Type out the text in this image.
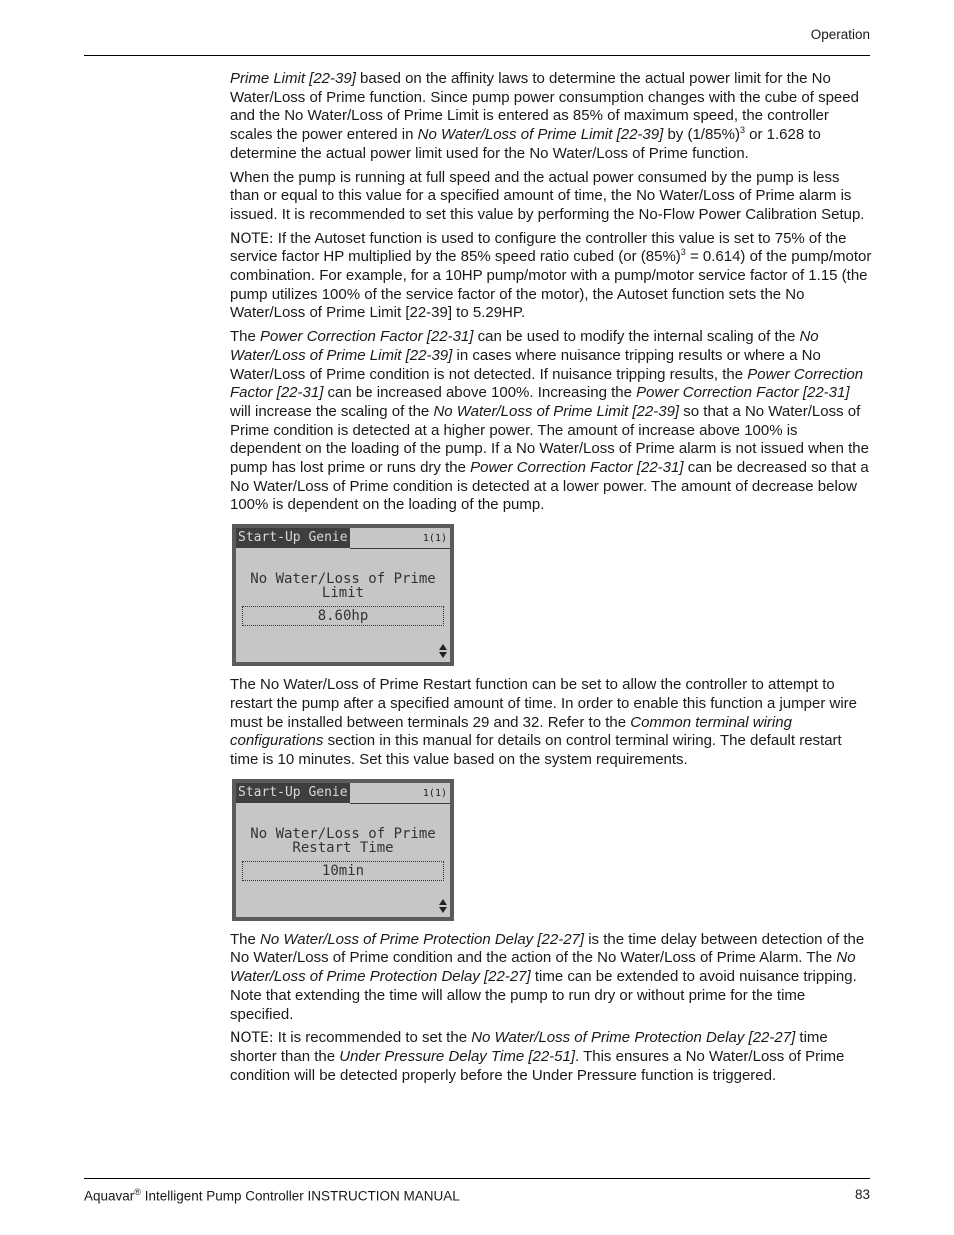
Operation

Prime Limit [22-39] based on the affinity laws to determine the actual power limit for the No Water/Loss of Prime function. Since pump power consumption changes with the cube of speed and the No Water/Loss of Prime Limit is entered as 85% of maximum speed, the controller scales the power entered in No Water/Loss of Prime Limit [22-39] by $(1/85\%)^3$ or 1.628 to determine the actual power limit used for the No Water/Loss of Prime function.

When the pump is running at full speed and the actual power consumed by the pump is less than or equal to this value for a specified amount of time, the No Water/Loss of Prime alarm is issued. It is recommended to set this value by performing the No-Flow Power Calibration Setup.

NOTE: If the Autoset function is used to configure the controller this value is set to 75% of the service factor HP multiplied by the 85% speed ratio cubed (or $(85\%)^3 = 0.614$) of the pump/motor combination. For example, for a 10HP pump/motor with a pump/motor service factor of 1.15 (the pump utilizes 100% of the service factor of the motor), the Autoset function sets the No Water/Loss of Prime Limit [22-39] to 5.29HP.

The Power Correction Factor [22-31] can be used to modify the internal scaling of the No Water/Loss of Prime Limit [22-39] in cases where nuisance tripping results or where a No Water/Loss of Prime condition is not detected. If nuisance tripping results, the Power Correction Factor [22-31] can be increased above 100%. Increasing the Power Correction Factor [22-31] will increase the scaling of the No Water/Loss of Prime Limit [22-39] so that a No Water/Loss of Prime condition is detected at a higher power. The amount of increase above 100% is dependent on the loading of the pump. If a No Water/Loss of Prime alarm is not issued when the pump has lost prime or runs dry the Power Correction Factor [22-31] can be decreased so that a No Water/Loss of Prime condition is detected at a lower power. The amount of decrease below 100% is dependent on the loading of the pump.

Start-Up Genie	1(1)
No Water/Loss of Prime
Limit
8.60hp

The No Water/Loss of Prime Restart function can be set to allow the controller to attempt to restart the pump after a specified amount of time. In order to enable this function a jumper wire must be installed between terminals 29 and 32. Refer to the Common terminal wiring configurations section in this manual for details on control terminal wiring. The default restart time is 10 minutes. Set this value based on the system requirements.

Start-Up Genie	1(1)
No Water/Loss of Prime
Restart Time
10min

The No Water/Loss of Prime Protection Delay [22-27] is the time delay between detection of the No Water/Loss of Prime condition and the action of the No Water/Loss of Prime Alarm. The No Water/Loss of Prime Protection Delay [22-27] time can be extended to avoid nuisance tripping. Note that extending the time will allow the pump to run dry or without prime for the time specified.

NOTE: It is recommended to set the No Water/Loss of Prime Protection Delay [22-27] time shorter than the Under Pressure Delay Time [22-51]. This ensures a No Water/Loss of Prime condition will be detected properly before the Under Pressure function is triggered.

Aquavar® Intelligent Pump Controller INSTRUCTION MANUAL	83
